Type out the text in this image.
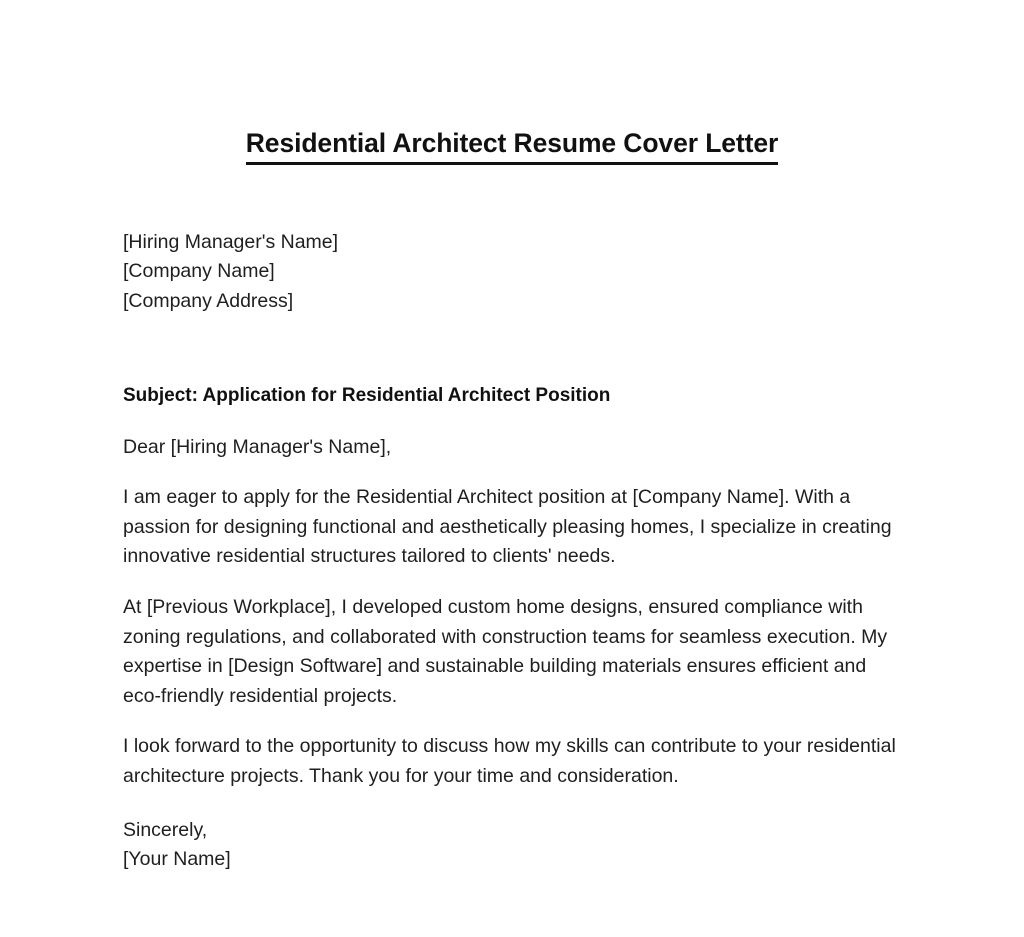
Residential Architect Resume Cover Letter
[Hiring Manager's Name]
[Company Name]
[Company Address]
Subject: Application for Residential Architect Position
Dear [Hiring Manager's Name],

I am eager to apply for the Residential Architect position at [Company Name]. With a passion for designing functional and aesthetically pleasing homes, I specialize in creating innovative residential structures tailored to clients' needs.

At [Previous Workplace], I developed custom home designs, ensured compliance with zoning regulations, and collaborated with construction teams for seamless execution. My expertise in [Design Software] and sustainable building materials ensures efficient and eco-friendly residential projects.

I look forward to the opportunity to discuss how my skills can contribute to your residential architecture projects. Thank you for your time and consideration.

Sincerely,
[Your Name]
